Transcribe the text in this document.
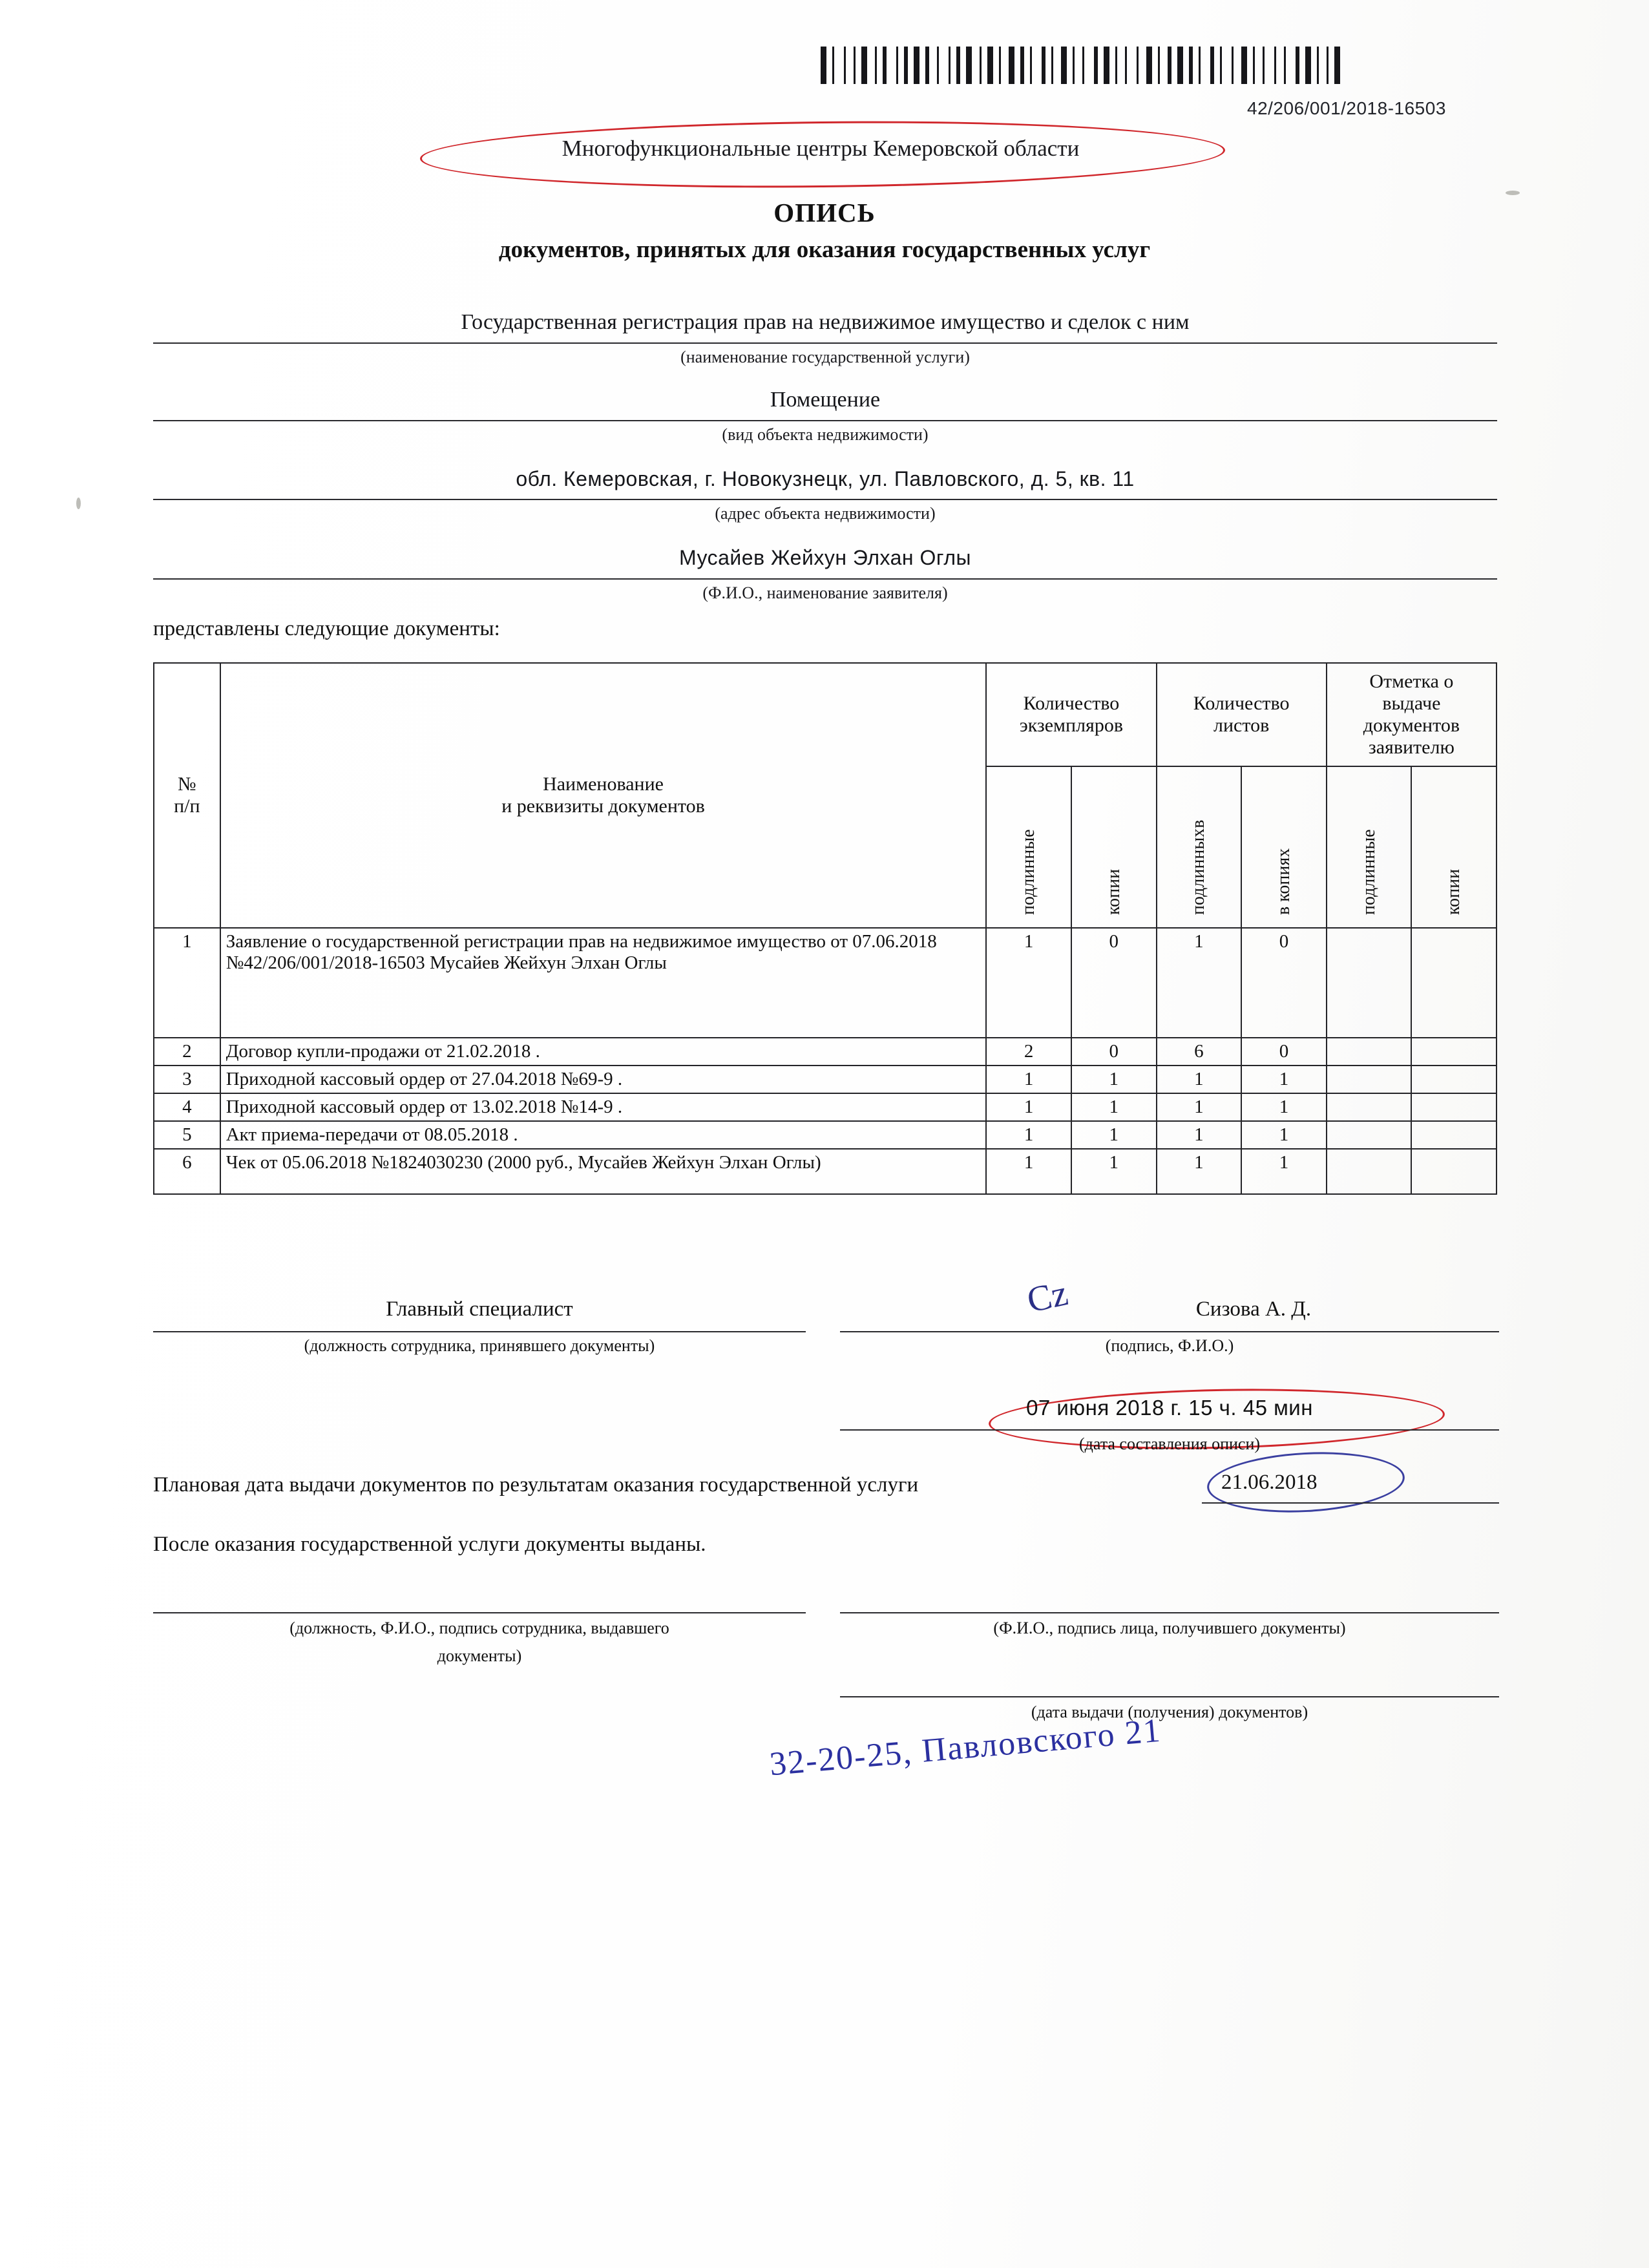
42/206/001/2018-16503
Многофункциональные центры Кемеровской области
ОПИСЬ
документов, принятых для оказания государственных услуг
Государственная регистрация прав на недвижимое имущество и сделок с ним
(наименование государственной услуги)
Помещение
(вид объекта недвижимости)
обл. Кемеровская, г. Новокузнецк, ул. Павловского, д. 5, кв. 11
(адрес объекта недвижимости)
Мусайев Жейхун Элхан Оглы
(Ф.И.О., наименование заявителя)
представлены следующие документы:
№
п/п

Наименование
и реквизиты документов

Количество
экземпляров

Количество
листов

Отметка о
выдаче
документов
заявителю

		подлинные	копии	подлинныхв	в копиях	подлинные	копии

1	Заявление о государственной регистрации прав на недвижимое имущество от 07.06.2018 №42/206/001/2018-16503 Мусайев Жейхун Элхан Оглы	1	0	1	0		
2	Договор купли-продажи от 21.02.2018 .	2	0	6	0		
3	Приходной кассовый ордер от 27.04.2018 №69-9 .	1	1	1	1		
4	Приходной кассовый ордер от 13.02.2018 №14-9 .	1	1	1	1		
5	Акт приема-передачи от 08.05.2018 .	1	1	1	1		
6	Чек от 05.06.2018 №1824030230 (2000 руб., Мусайев Жейхун Элхан Оглы)	1	1	1	1		
Главный специалист
(должность сотрудника, принявшего документы)
Сизова А. Д.
(подпись, Ф.И.О.)
Сz
07 июня 2018 г. 15 ч. 45 мин
(дата составления описи)
Плановая дата выдачи документов по результатам оказания государственной услуги	21.06.2018
После оказания государственной услуги документы выданы.
(должность, Ф.И.О., подпись сотрудника, выдавшего
документы)
(Ф.И.О., подпись лица, получившего документы)
(дата выдачи (получения) документов)
32-20-25, Павловского 21
